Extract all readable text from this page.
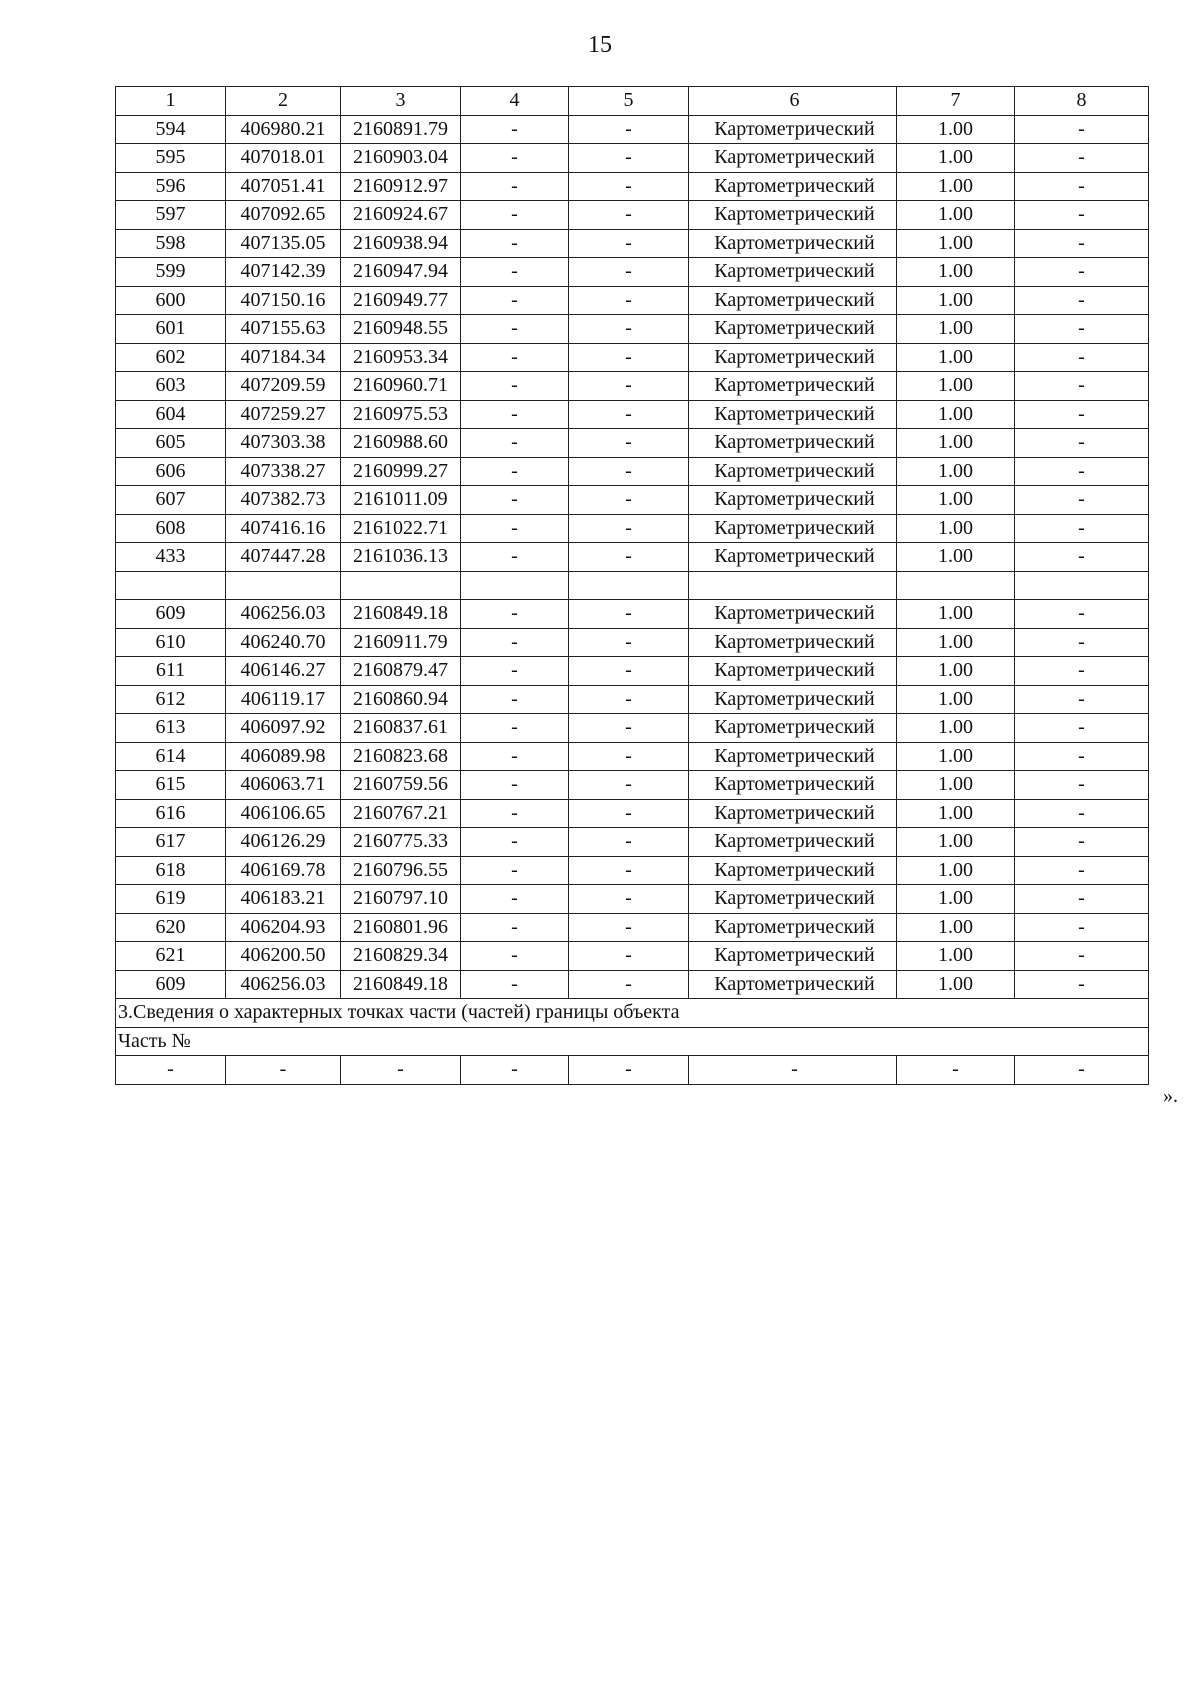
15
1	2	3	4	5	6	7	8
594	406980.21	2160891.79	-	-	Картометрический	1.00	-
595	407018.01	2160903.04	-	-	Картометрический	1.00	-
596	407051.41	2160912.97	-	-	Картометрический	1.00	-
597	407092.65	2160924.67	-	-	Картометрический	1.00	-
598	407135.05	2160938.94	-	-	Картометрический	1.00	-
599	407142.39	2160947.94	-	-	Картометрический	1.00	-
600	407150.16	2160949.77	-	-	Картометрический	1.00	-
601	407155.63	2160948.55	-	-	Картометрический	1.00	-
602	407184.34	2160953.34	-	-	Картометрический	1.00	-
603	407209.59	2160960.71	-	-	Картометрический	1.00	-
604	407259.27	2160975.53	-	-	Картометрический	1.00	-
605	407303.38	2160988.60	-	-	Картометрический	1.00	-
606	407338.27	2160999.27	-	-	Картометрический	1.00	-
607	407382.73	2161011.09	-	-	Картометрический	1.00	-
608	407416.16	2161022.71	-	-	Картометрический	1.00	-
433	407447.28	2161036.13	-	-	Картометрический	1.00	-

609	406256.03	2160849.18	-	-	Картометрический	1.00	-
610	406240.70	2160911.79	-	-	Картометрический	1.00	-
611	406146.27	2160879.47	-	-	Картометрический	1.00	-
612	406119.17	2160860.94	-	-	Картометрический	1.00	-
613	406097.92	2160837.61	-	-	Картометрический	1.00	-
614	406089.98	2160823.68	-	-	Картометрический	1.00	-
615	406063.71	2160759.56	-	-	Картометрический	1.00	-
616	406106.65	2160767.21	-	-	Картометрический	1.00	-
617	406126.29	2160775.33	-	-	Картометрический	1.00	-
618	406169.78	2160796.55	-	-	Картометрический	1.00	-
619	406183.21	2160797.10	-	-	Картометрический	1.00	-
620	406204.93	2160801.96	-	-	Картометрический	1.00	-
621	406200.50	2160829.34	-	-	Картометрический	1.00	-
609	406256.03	2160849.18	-	-	Картометрический	1.00	-
3.Сведения о характерных точках части (частей) границы объекта							
Часть №							
-	-	-	-	-	-	-	-
».
